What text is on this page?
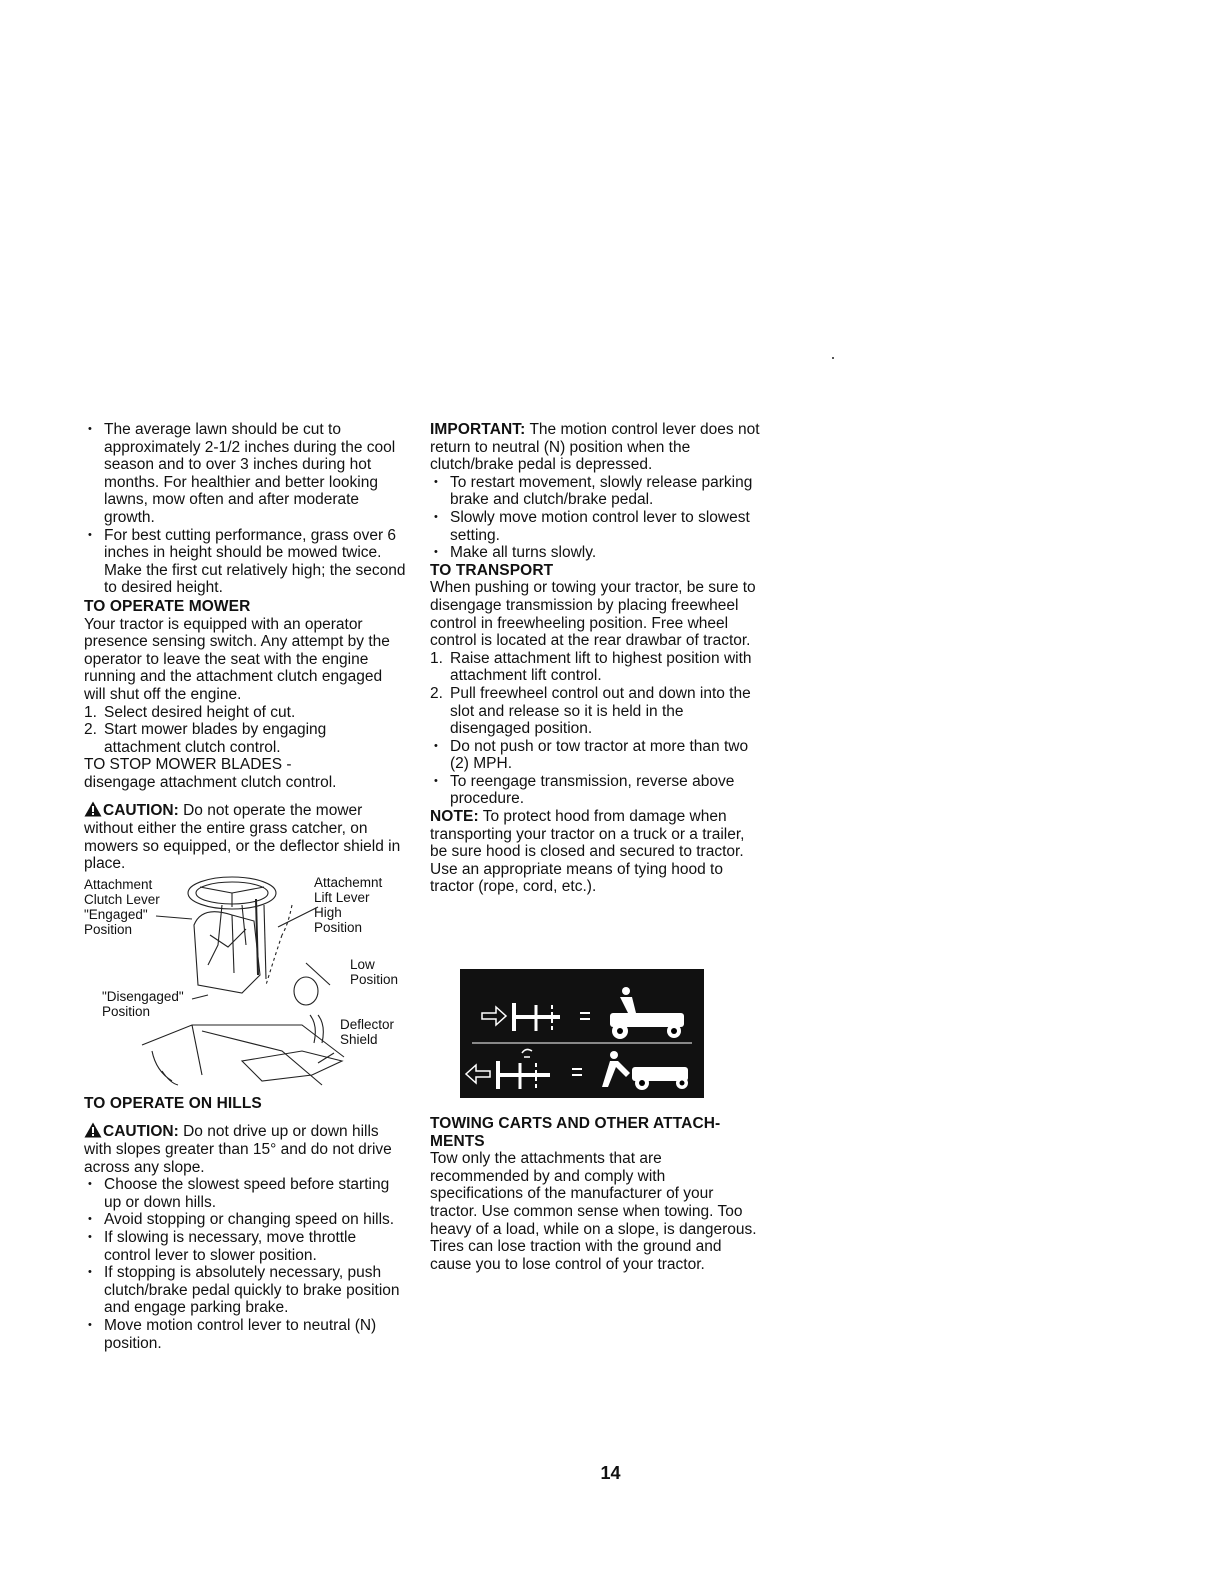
• The average lawn should be cut to approximately 2-1/2 inches during the cool season and to over 3 inches during hot months. For healthier and better looking lawns, mow often and after moderate growth.
• For best cutting performance, grass over 6 inches in height should be mowed twice. Make the first cut relatively high; the second to desired height.

TO OPERATE MOWER

Your tractor is equipped with an operator presence sensing switch. Any attempt by the operator to leave the seat with the engine running and the attachment clutch engaged will shut off the engine.

1. Select desired height of cut.
2. Start mower blades by engaging attachment clutch control.

TO STOP MOWER BLADES -

disengage attachment clutch control.

CAUTION: Do not operate the mower without either the entire grass catcher, on mowers so equipped, or the deflector shield in place.

Attachment
Clutch Lever
"Engaged"
Position
Attachemnt
Lift Lever
High
Position
Low
Position
"Disengaged"
Position
Deflector
Shield

TO OPERATE ON HILLS

CAUTION: Do not drive up or down hills with slopes greater than 15° and do not drive across any slope.

• Choose the slowest speed before starting up or down hills.
• Avoid stopping or changing speed on hills.
• If slowing is necessary, move throttle control lever to slower position.
• If stopping is absolutely necessary, push clutch/brake pedal quickly to brake position and engage parking brake.
• Move motion control lever to neutral (N) position.

IMPORTANT: The motion control lever does not return to neutral (N) position when the clutch/brake pedal is depressed.

• To restart movement, slowly release parking brake and clutch/brake pedal.
• Slowly move motion control lever to slowest setting.
• Make all turns slowly.

TO TRANSPORT

When pushing or towing your tractor, be sure to disengage transmission by placing freewheel control in freewheeling position. Free wheel control is located at the rear drawbar of tractor.

1. Raise attachment lift to highest position with attachment lift control.
2. Pull freewheel control out and down into the slot and release so it is held in the disengaged position.
• Do not push or tow tractor at more than two (2) MPH.
• To reengage transmission, reverse above procedure.

NOTE: To protect hood from damage when transporting your tractor on a truck or a trailer, be sure hood is closed and secured to tractor. Use an appropriate means of tying hood to tractor (rope, cord, etc.).

TOWING CARTS AND OTHER ATTACH-MENTS

Tow only the attachments that are recommended by and comply with specifications of the manufacturer of your tractor. Use common sense when towing. Too heavy of a load, while on a slope, is dangerous. Tires can lose traction with the ground and cause you to lose control of your tractor.

14
